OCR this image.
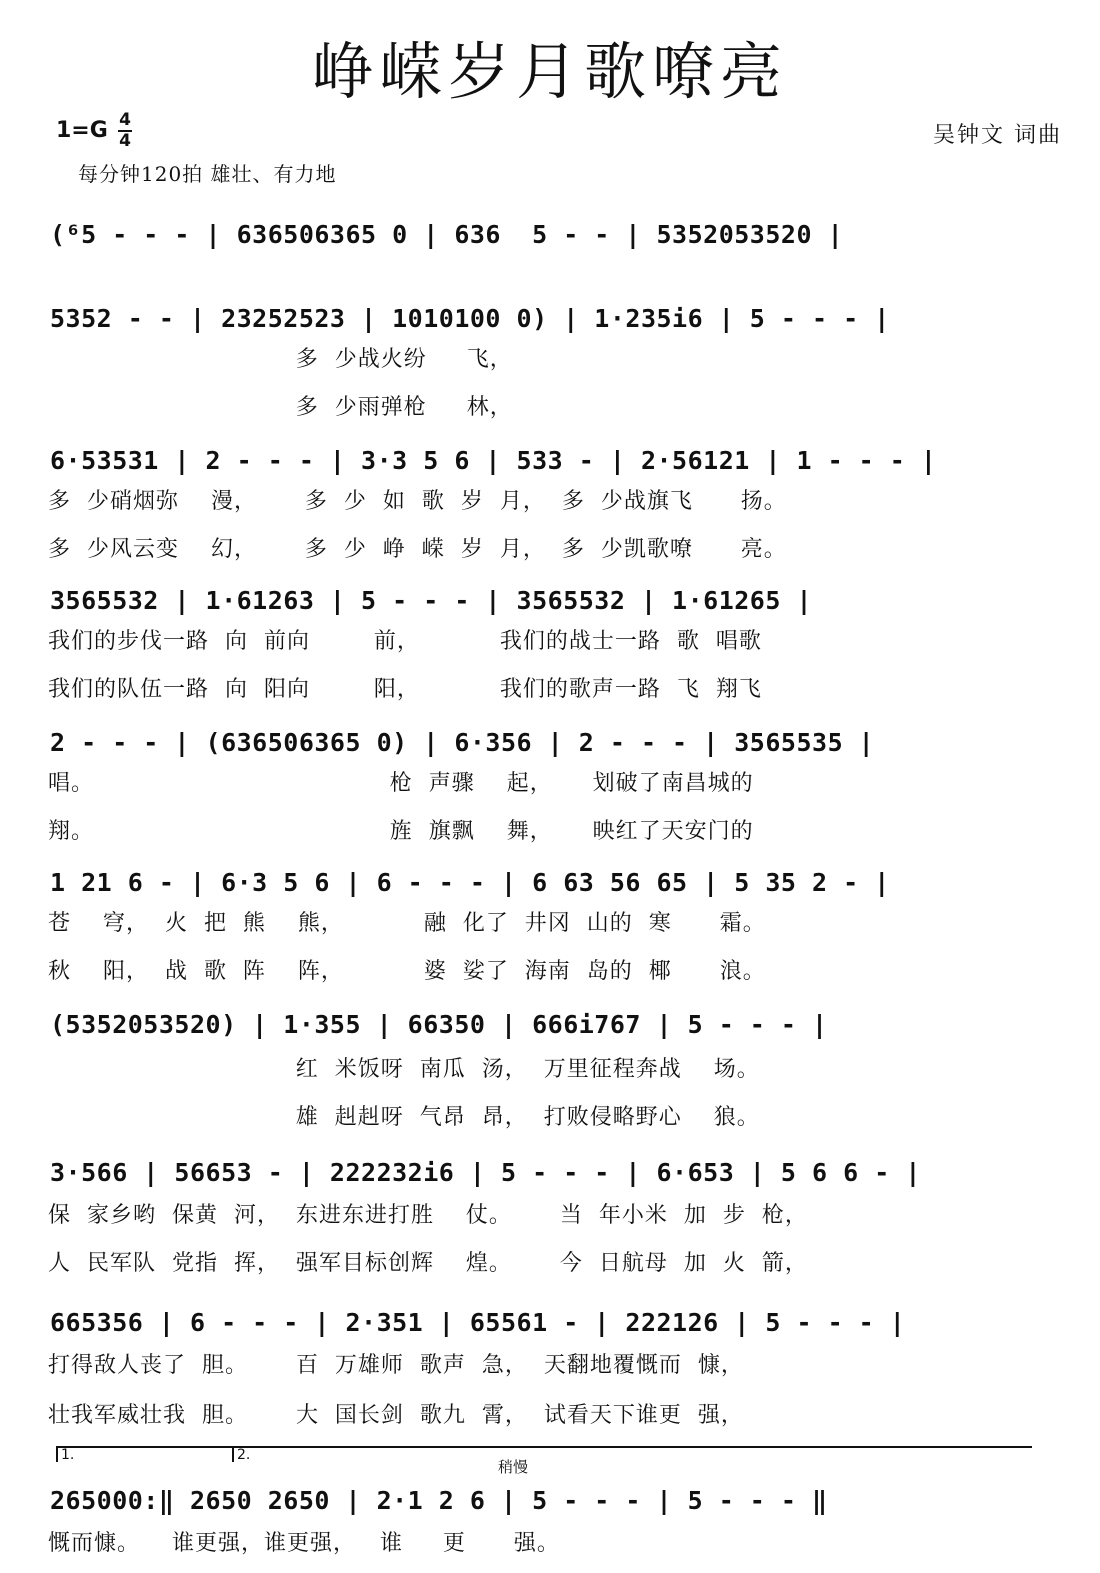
峥嵘岁月歌嘹亮
1=G 4
4
每分钟120拍 雄壮、有力地
吴钟文 词曲
(⁶5 - - - | 636506365 0 | 636  5 - - | 5352053520 |
5352 - - | 23252523 | 1010100 0) | 1·235i6 | 5 - - - |
多  少战火纷     飞，
多  少雨弹枪     林，
6·53531 | 2 - - - | 3·3 5 6 | 533 - | 2·56121 | 1 - - - |
多  少硝烟弥    漫，      多  少  如  歌  岁  月，  多  少战旗飞      扬。
多  少风云变    幻，      多  少  峥  嵘  岁  月，  多  少凯歌嘹      亮。
3565532 | 1·61263 | 5 - - - | 3565532 | 1·61265 |
我们的步伐一路  向  前向        前，          我们的战士一路  歌  唱歌
我们的队伍一路  向  阳向        阳，          我们的歌声一路  飞  翔飞
2 - - - | (636506365 0) | 6·356 | 2 - - - | 3565535 |
唱。                                     枪  声骤    起，     划破了南昌城的
翔。                                     旌  旗飘    舞，     映红了天安门的
1 21 6 - | 6·3 5 6 | 6 - - - | 6 63 56 65 | 5 35 2 - |
苍    穹，  火  把  熊    熊，          融  化了  井冈  山的  寒      霜。
秋    阳，  战  歌  阵    阵，          婆  娑了  海南  岛的  椰      浪。
(5352053520) | 1·355 | 66350 | 666i767 | 5 - - - |
红  米饭呀  南瓜  汤，  万里征程奔战    场。
雄  赳赳呀  气昂  昂，  打败侵略野心    狼。
3·566 | 56653 - | 222232i6 | 5 - - - | 6·653 | 5 6 6 - |
保  家乡哟  保黄  河，  东进东进打胜    仗。      当  年小米  加  步  枪，
人  民军队  党指  挥，  强军目标创辉    煌。      今  日航母  加  火  箭，
665356 | 6 - - - | 2·351 | 65561 - | 222126 | 5 - - - |
打得敌人丧了  胆。      百  万雄师  歌声  急，  天翻地覆慨而  慷，
壮我军威壮我  胆。      大  国长剑  歌九  霄，  试看天下谁更  强，
1.	2.
稍慢
265000:‖ 2650 2650 | 2·1 2 6 | 5 - - - | 5 - - - ‖
慨而慷。    谁更强，谁更强，   谁     更      强。
